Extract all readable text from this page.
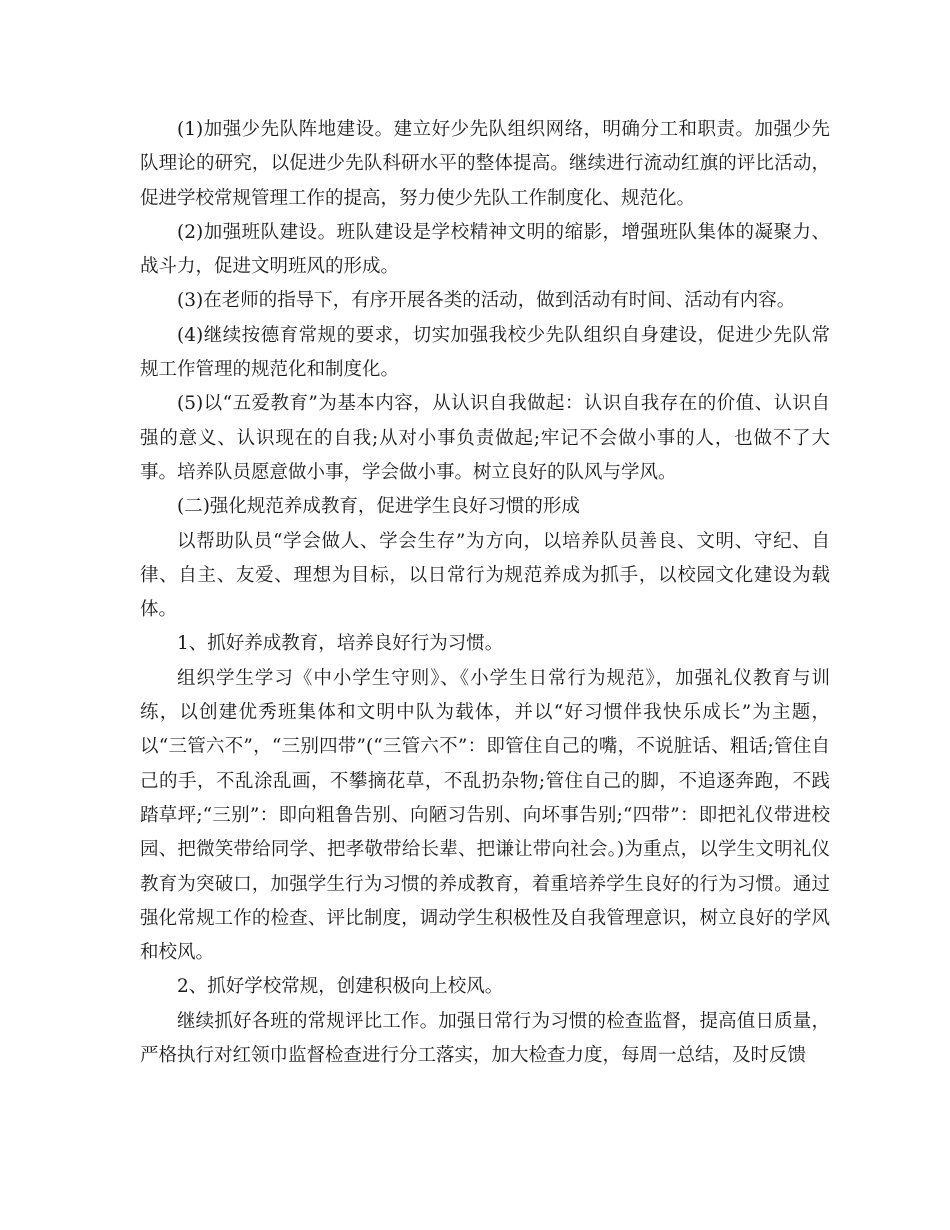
(1)加强少先队阵地建设。建立好少先队组织网络，明确分工和职责。加强少先队理论的研究，以促进少先队科研水平的整体提高。继续进行流动红旗的评比活动，促进学校常规管理工作的提高，努力使少先队工作制度化、规范化。

(2)加强班队建设。班队建设是学校精神文明的缩影，增强班队集体的凝聚力、战斗力，促进文明班风的形成。

(3)在老师的指导下，有序开展各类的活动，做到活动有时间、活动有内容。

(4)继续按德育常规的要求，切实加强我校少先队组织自身建设，促进少先队常规工作管理的规范化和制度化。

(5)以“五爱教育”为基本内容，从认识自我做起：认识自我存在的价值、认识自强的意义、认识现在的自我;从对小事负责做起;牢记不会做小事的人，也做不了大事。培养队员愿意做小事，学会做小事。树立良好的队风与学风。

(二)强化规范养成教育，促进学生良好习惯的形成

以帮助队员“学会做人、学会生存”为方向，以培养队员善良、文明、守纪、自律、自主、友爱、理想为目标，以日常行为规范养成为抓手，以校园文化建设为载体。

1、抓好养成教育，培养良好行为习惯。

组织学生学习《中小学生守则》、《小学生日常行为规范》，加强礼仪教育与训练，以创建优秀班集体和文明中队为载体，并以“好习惯伴我快乐成长”为主题，以“三管六不”，“三别四带”(“三管六不”：即管住自己的嘴，不说脏话、粗话;管住自己的手，不乱涂乱画，不攀摘花草，不乱扔杂物;管住自己的脚，不追逐奔跑，不践踏草坪;“三别”：即向粗鲁告别、向陋习告别、向坏事告别;“四带”：即把礼仪带进校园、把微笑带给同学、把孝敬带给长辈、把谦让带向社会。)为重点，以学生文明礼仪教育为突破口，加强学生行为习惯的养成教育，着重培养学生良好的行为习惯。通过强化常规工作的检查、评比制度，调动学生积极性及自我管理意识，树立良好的学风和校风。

2、抓好学校常规，创建积极向上校风。

继续抓好各班的常规评比工作。加强日常行为习惯的检查监督，提高值日质量，严格执行对红领巾监督检查进行分工落实，加大检查力度，每周一总结，及时反馈
